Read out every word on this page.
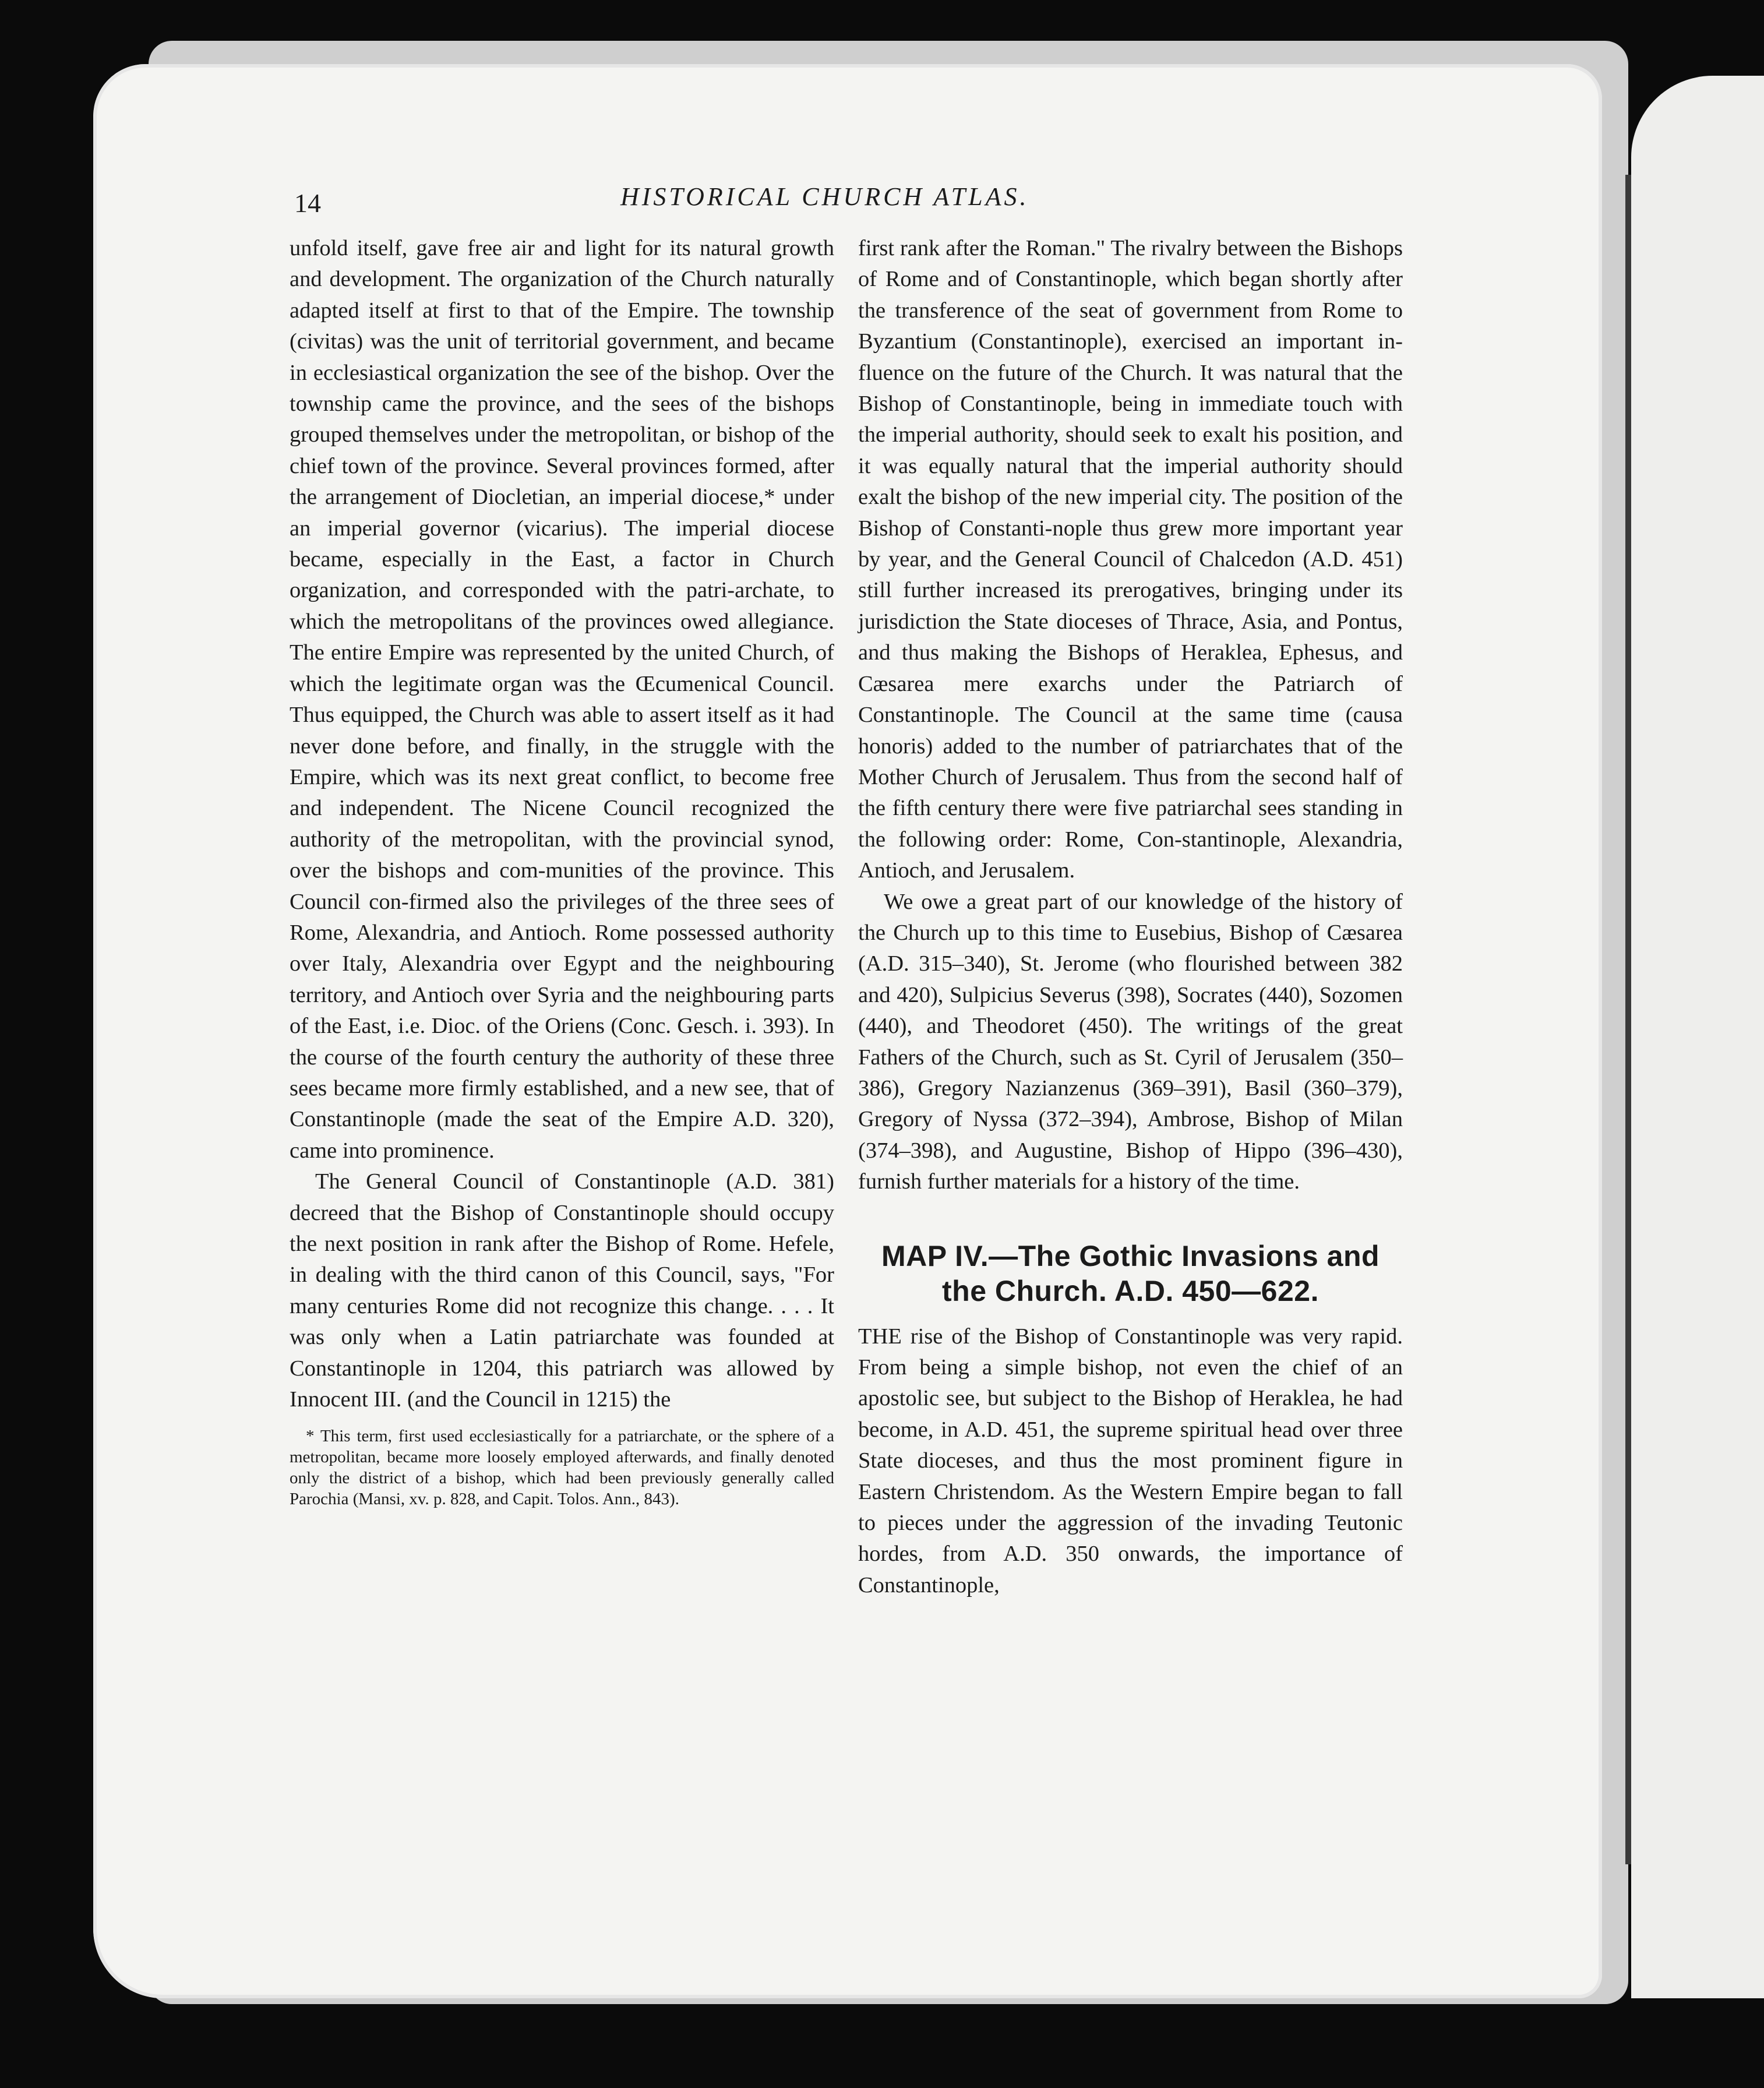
14	HISTORICAL CHURCH ATLAS.

unfold itself, gave free air and light for its natural growth and development. The organization of the Church naturally adapted itself at first to that of the Empire. The township (civitas) was the unit of territorial government, and became in ecclesiastical organization the see of the bishop. Over the township came the province, and the sees of the bishops grouped themselves under the metropolitan, or bishop of the chief town of the province. Several provinces formed, after the arrangement of Diocletian, an imperial diocese,* under an imperial governor (vicarius). The imperial diocese became, especially in the East, a factor in Church organization, and corresponded with the patri-archate, to which the metropolitans of the provinces owed allegiance. The entire Empire was represented by the united Church, of which the legitimate organ was the Œcumenical Council. Thus equipped, the Church was able to assert itself as it had never done before, and finally, in the struggle with the Empire, which was its next great conflict, to become free and independent. The Nicene Council recognized the authority of the metropolitan, with the provincial synod, over the bishops and com-munities of the province. This Council con-firmed also the privileges of the three sees of Rome, Alexandria, and Antioch. Rome possessed authority over Italy, Alexandria over Egypt and the neighbouring territory, and Antioch over Syria and the neighbouring parts of the East, i.e. Dioc. of the Oriens (Conc. Gesch. i. 393). In the course of the fourth century the authority of these three sees became more firmly established, and a new see, that of Constantinople (made the seat of the Empire A.D. 320), came into prominence.

The General Council of Constantinople (A.D. 381) decreed that the Bishop of Constantinople should occupy the next position in rank after the Bishop of Rome. Hefele, in dealing with the third canon of this Council, says, "For many centuries Rome did not recognize this change. . . . It was only when a Latin patriarchate was founded at Constantinople in 1204, this patriarch was allowed by Innocent III. (and the Council in 1215) the

* This term, first used ecclesiastically for a patriarchate, or the sphere of a metropolitan, became more loosely employed afterwards, and finally denoted only the district of a bishop, which had been previously generally called Parochia (Mansi, xv. p. 828, and Capit. Tolos. Ann., 843).

first rank after the Roman." The rivalry between the Bishops of Rome and of Constantinople, which began shortly after the transference of the seat of government from Rome to Byzantium (Constantinople), exercised an important in-fluence on the future of the Church. It was natural that the Bishop of Constantinople, being in immediate touch with the imperial authority, should seek to exalt his position, and it was equally natural that the imperial authority should exalt the bishop of the new imperial city. The position of the Bishop of Constanti-nople thus grew more important year by year, and the General Council of Chalcedon (A.D. 451) still further increased its prerogatives, bringing under its jurisdiction the State dioceses of Thrace, Asia, and Pontus, and thus making the Bishops of Heraklea, Ephesus, and Cæsarea mere exarchs under the Patriarch of Constantinople. The Council at the same time (causa honoris) added to the number of patriarchates that of the Mother Church of Jerusalem. Thus from the second half of the fifth century there were five patriarchal sees standing in the following order: Rome, Con-stantinople, Alexandria, Antioch, and Jerusalem.

We owe a great part of our knowledge of the history of the Church up to this time to Eusebius, Bishop of Cæsarea (A.D. 315–340), St. Jerome (who flourished between 382 and 420), Sulpicius Severus (398), Socrates (440), Sozomen (440), and Theodoret (450). The writings of the great Fathers of the Church, such as St. Cyril of Jerusalem (350–386), Gregory Nazianzenus (369–391), Basil (360–379), Gregory of Nyssa (372–394), Ambrose, Bishop of Milan (374–398), and Augustine, Bishop of Hippo (396–430), furnish further materials for a history of the time.

MAP IV.—The Gothic Invasions and
the Church. A.D. 450—622.

THE rise of the Bishop of Constantinople was very rapid. From being a simple bishop, not even the chief of an apostolic see, but subject to the Bishop of Heraklea, he had become, in A.D. 451, the supreme spiritual head over three State dioceses, and thus the most prominent figure in Eastern Christendom. As the Western Empire began to fall to pieces under the aggression of the invading Teutonic hordes, from A.D. 350 onwards, the importance of Constantinople,
